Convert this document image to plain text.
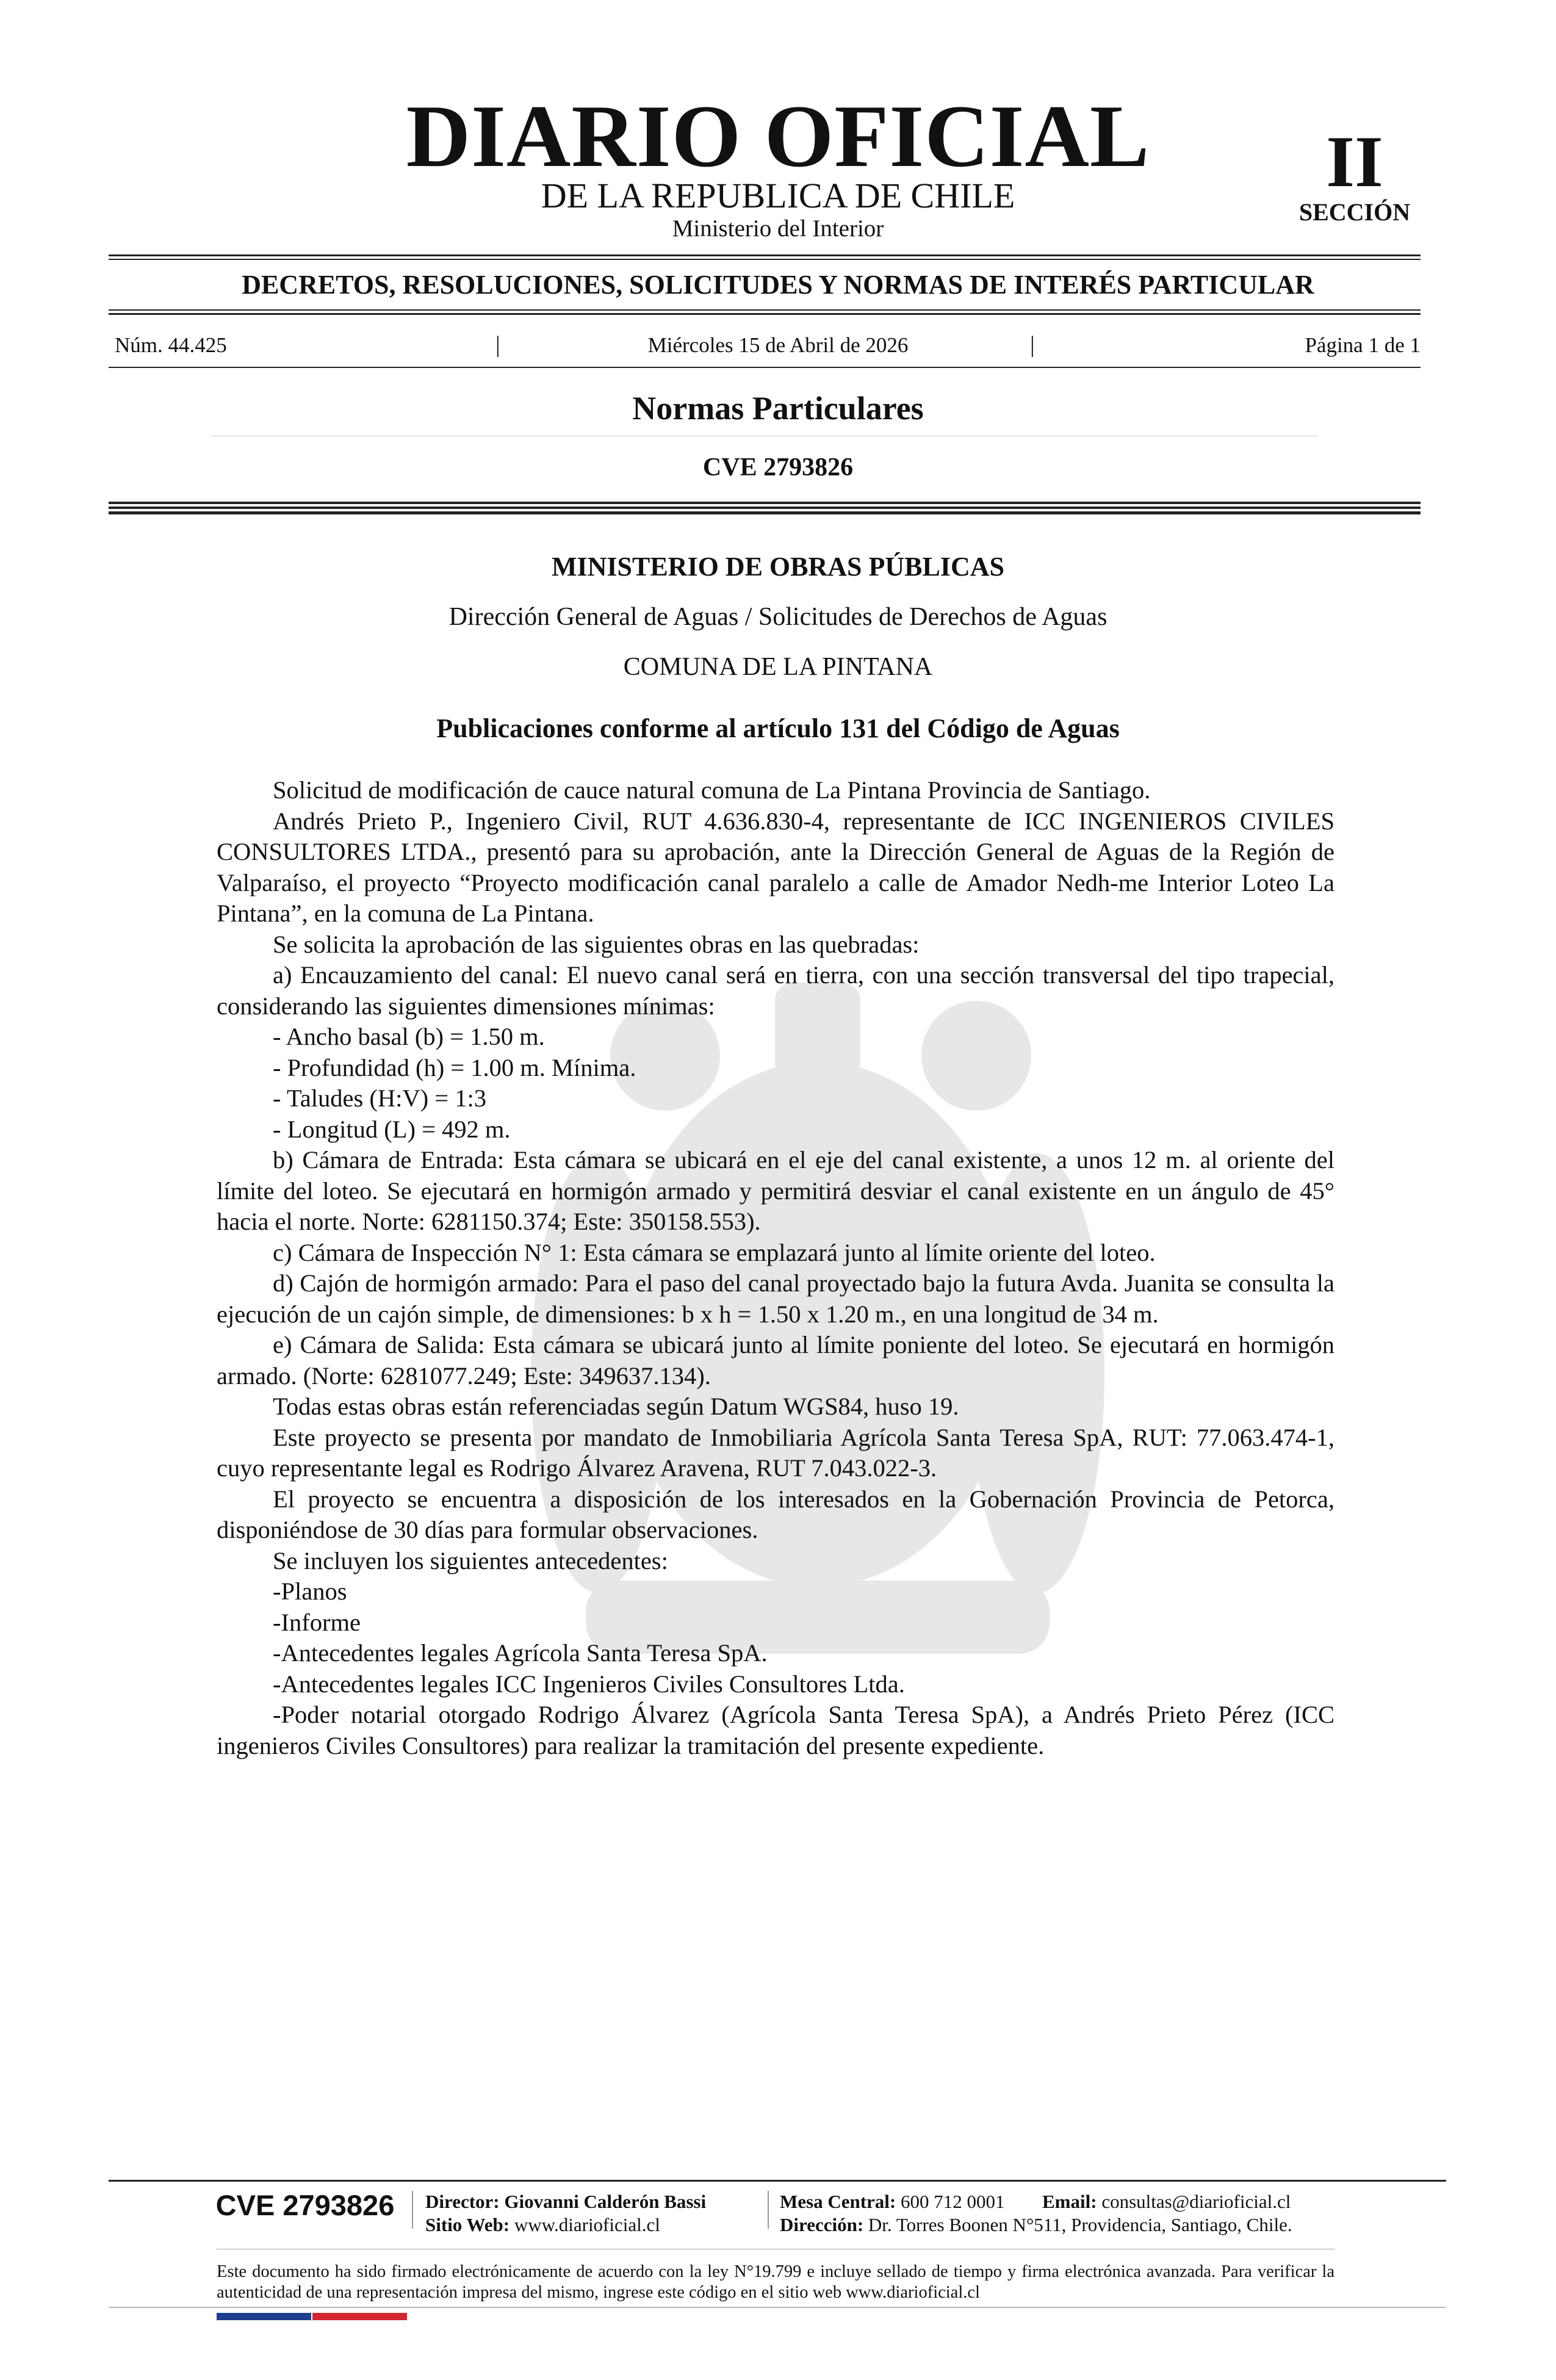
DIARIO OFICIAL
DE LA REPUBLICA DE CHILE
Ministerio del Interior
II
SECCIÓN
DECRETOS, RESOLUCIONES, SOLICITUDES Y NORMAS DE INTERÉS PARTICULAR
Núm. 44.425	|	Miércoles 15 de Abril de 2026	|	Página 1 de 1
Normas Particulares
CVE 2793826
MINISTERIO DE OBRAS PÚBLICAS
Dirección General de Aguas / Solicitudes de Derechos de Aguas
COMUNA DE LA PINTANA
Publicaciones conforme al artículo 131 del Código de Aguas

Solicitud de modificación de cauce natural comuna de La Pintana Provincia de Santiago.

Andrés Prieto P., Ingeniero Civil, RUT 4.636.830-4, representante de ICC INGENIEROS CIVILES CONSULTORES LTDA., presentó para su aprobación, ante la Dirección General de Aguas de la Región de Valparaíso, el proyecto “Proyecto modificación canal paralelo a calle de Amador Nedh-me Interior Loteo La Pintana”, en la comuna de La Pintana.

Se solicita la aprobación de las siguientes obras en las quebradas:

a) Encauzamiento del canal: El nuevo canal será en tierra, con una sección transversal del tipo trapecial, considerando las siguientes dimensiones mínimas:

- Ancho basal (b) = 1.50 m.

- Profundidad (h) = 1.00 m. Mínima.

- Taludes (H:V) = 1:3

- Longitud (L) = 492 m.

b) Cámara de Entrada: Esta cámara se ubicará en el eje del canal existente, a unos 12 m. al oriente del límite del loteo. Se ejecutará en hormigón armado y permitirá desviar el canal existente en un ángulo de 45° hacia el norte. Norte: 6281150.374; Este: 350158.553).

c) Cámara de Inspección N° 1: Esta cámara se emplazará junto al límite oriente del loteo.

d) Cajón de hormigón armado: Para el paso del canal proyectado bajo la futura Avda. Juanita se consulta la ejecución de un cajón simple, de dimensiones: b x h = 1.50 x 1.20 m., en una longitud de 34 m.

e) Cámara de Salida: Esta cámara se ubicará junto al límite poniente del loteo. Se ejecutará en hormigón armado. (Norte: 6281077.249; Este: 349637.134).

Todas estas obras están referenciadas según Datum WGS84, huso 19.

Este proyecto se presenta por mandato de Inmobiliaria Agrícola Santa Teresa SpA, RUT: 77.063.474-1, cuyo representante legal es Rodrigo Álvarez Aravena, RUT 7.043.022-3.

El proyecto se encuentra a disposición de los interesados en la Gobernación Provincia de Petorca, disponiéndose de 30 días para formular observaciones.

Se incluyen los siguientes antecedentes:

-Planos

-Informe

-Antecedentes legales Agrícola Santa Teresa SpA.

-Antecedentes legales ICC Ingenieros Civiles Consultores Ltda.

-Poder notarial otorgado Rodrigo Álvarez (Agrícola Santa Teresa SpA), a Andrés Prieto Pérez (ICC ingenieros Civiles Consultores) para realizar la tramitación del presente expediente.

CVE 2793826	Director: Giovanni Calderón Bassi
Sitio Web: www.diarioficial.cl
Mesa Central: 600 712 0001 Email: consultas@diarioficial.cl
Dirección: Dr. Torres Boonen N°511, Providencia, Santiago, Chile.
Este documento ha sido firmado electrónicamente de acuerdo con la ley N°19.799 e incluye sellado de tiempo y firma electrónica avanzada. Para verificar la autenticidad de una representación impresa del mismo, ingrese este código en el sitio web www.diarioficial.cl
